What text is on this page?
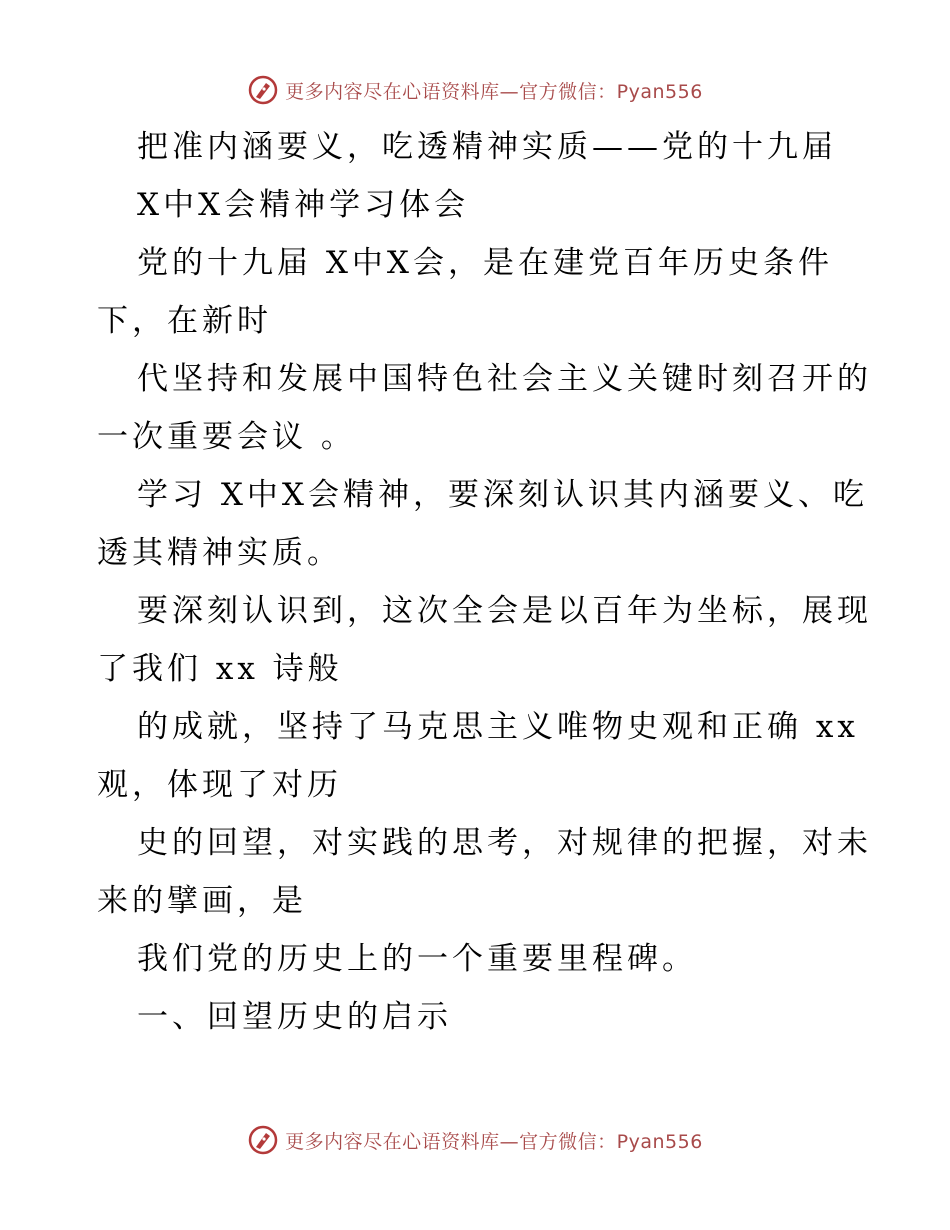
更多内容尽在心语资料库—官方微信：Pyan556
把准内涵要义，吃透精神实质——党的十九届
X中X会精神学习体会
党的十九届 X中X会，是在建党百年历史条件
下，在新时
代坚持和发展中国特色社会主义关键时刻召开的
一次重要会议 。
学习 X中X会精神，要深刻认识其内涵要义、吃
透其精神实质。
要深刻认识到，这次全会是以百年为坐标，展现
了我们 xx 诗般
的成就，坚持了马克思主义唯物史观和正确 xx
观，体现了对历
史的回望，对实践的思考，对规律的把握，对未
来的擘画，是
我们党的历史上的一个重要里程碑。
一、回望历史的启示
更多内容尽在心语资料库—官方微信：Pyan556
